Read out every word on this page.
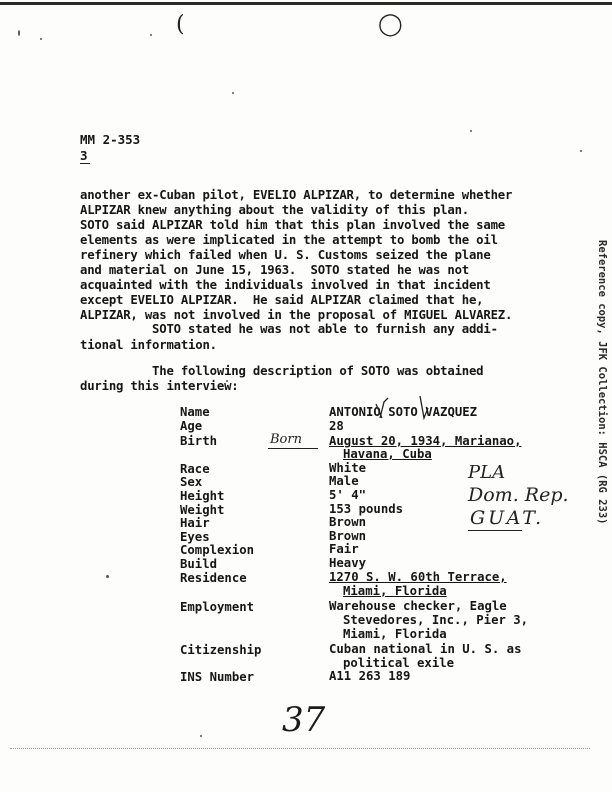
(	◯
MM 2-353
3
another ex-Cuban pilot, EVELIO ALPIZAR, to determine whether
ALPIZAR knew anything about the validity of this plan.
SOTO said ALPIZAR told him that this plan involved the same
elements as were implicated in the attempt to bomb the oil
refinery which failed when U. S. Customs seized the plane
and material on June 15, 1963.  SOTO stated he was not
acquainted with the individuals involved in that incident
except EVELIO ALPIZAR.  He said ALPIZAR claimed that he,
ALPIZAR, was not involved in the proposal of MIGUEL ALVAREZ.
SOTO stated he was not able to furnish any addi-
tional information.
The following description of SOTO was obtained
during this interview:
Name	ANTONIO SOTO VAZQUEZ
Age	28
Birth	August 20, 1934, Marianao,
Havana, Cuba
Race	White
Sex	Male
Height	5' 4"
Weight	153 pounds
Hair	Brown
Eyes	Brown
Complexion	Fair
Build	Heavy
Residence	1270 S. W. 60th Terrace,
Miami, Florida
Employment	Warehouse checker, Eagle
Stevedores, Inc., Pier 3,
Miami, Florida
Citizenship	Cuban national in U. S. as
political exile
INS Number	A11 263 189
Born
PLA
Dom. Rep.
GUAT.
37
Reference copy, JFK Collection: HSCA (RG 233)
